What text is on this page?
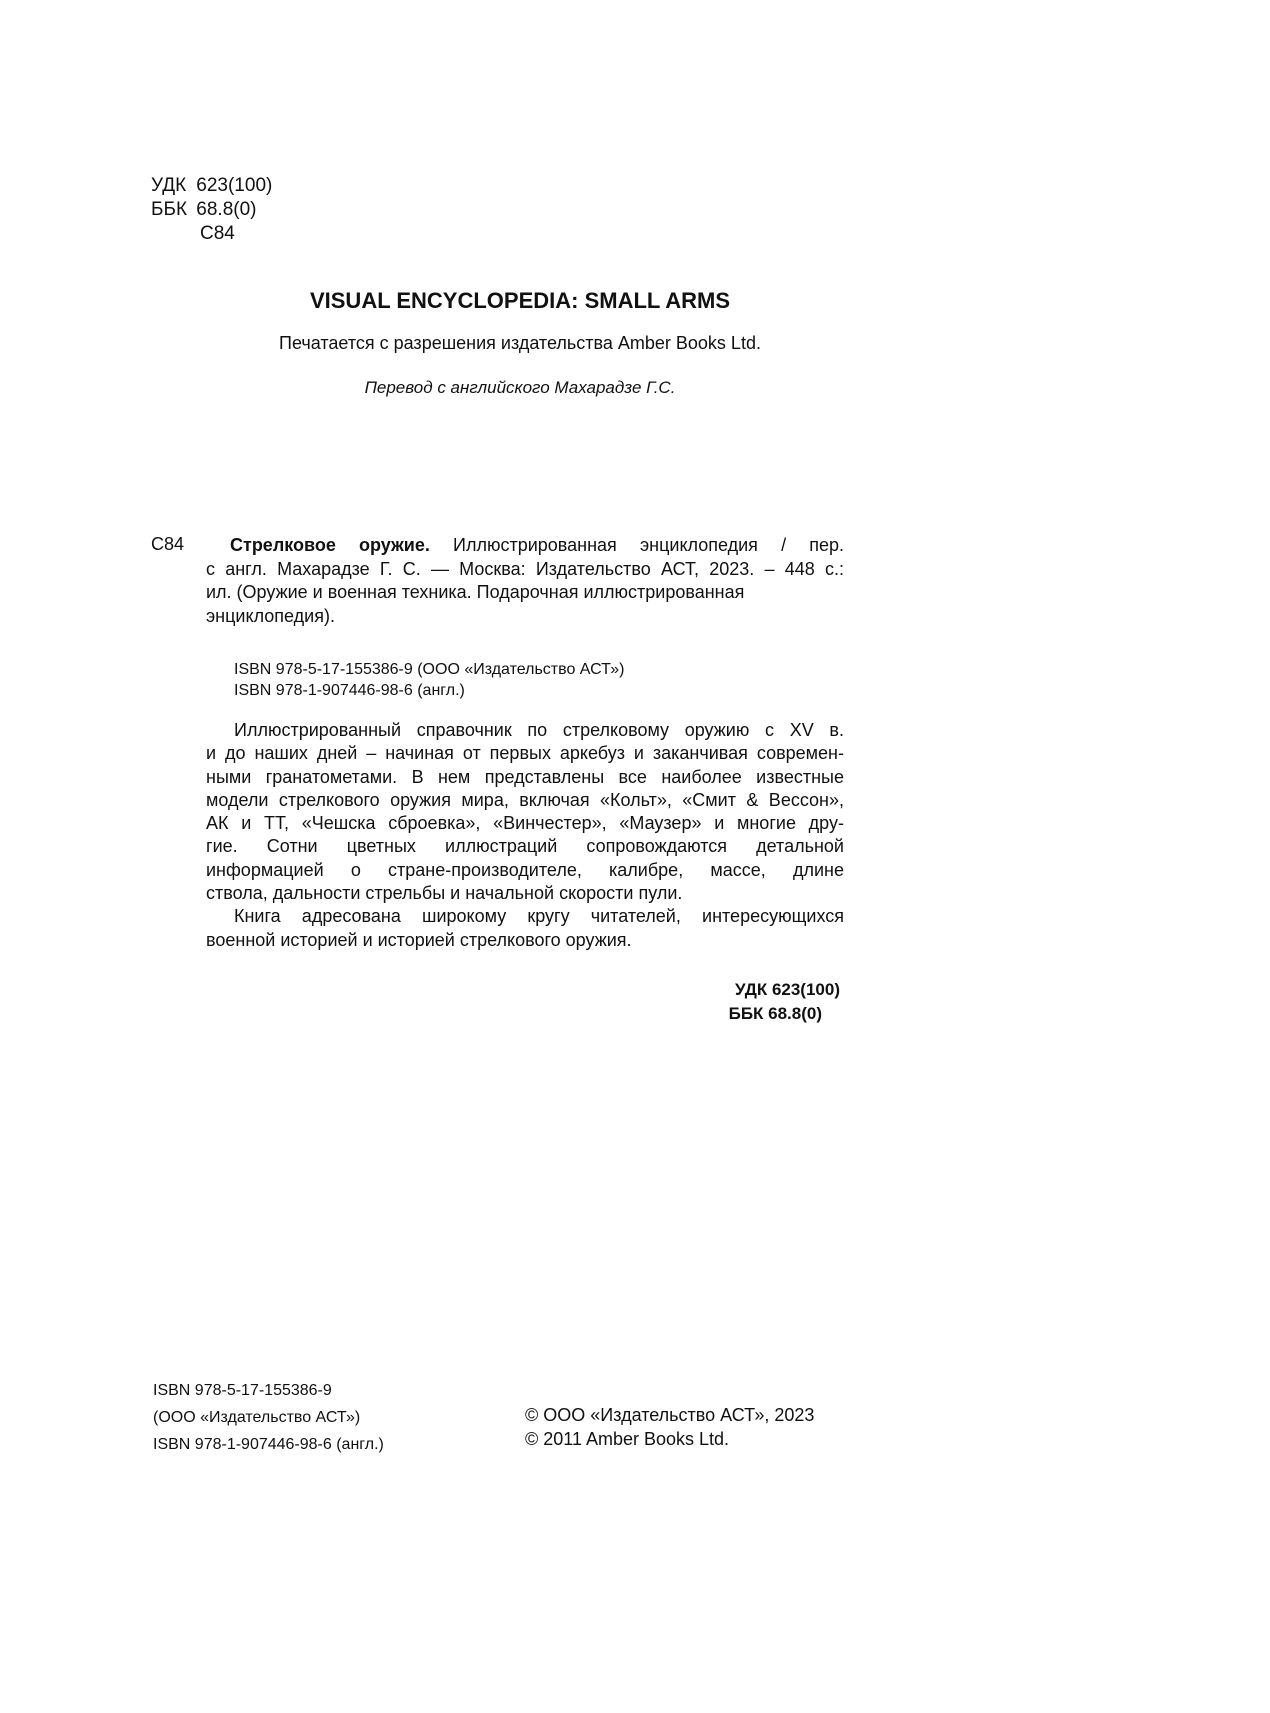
УДК 623(100)
ББК 68.8(0)
С84
VISUAL ENCYCLOPEDIA: SMALL ARMS
Печатается с разрешения издательства Amber Books Ltd.
Перевод с английского Махарадзе Г.С.
С84	Стрелковое оружие. Иллюстрированная энциклопедия / пер.
с англ. Махарадзе Г. С. — Москва: Издательство АСТ, 2023. – 448 с.:
ил. (Оружие и военная техника. Подарочная иллюстрированная
энциклопедия).
ISBN 978-5-17-155386-9 (ООО «Издательство АСТ»)
ISBN 978-1-907446-98-6 (англ.)
Иллюстрированный справочник по стрелковому оружию с XV в.
и до наших дней – начиная от первых аркебуз и заканчивая современ-
ными гранатометами. В нем представлены все наиболее известные
модели стрелкового оружия мира, включая «Кольт», «Смит & Вессон»,
АК и ТТ, «Чешска сброевка», «Винчестер», «Маузер» и многие дру-
гие. Сотни цветных иллюстраций сопровождаются детальной
информацией о стране-производителе, калибре, массе, длине
ствола, дальности стрельбы и начальной скорости пули.
Книга адресована широкому кругу читателей, интересующихся
военной историей и историей стрелкового оружия.
УДК 623(100)
ББК 68.8(0)
ISBN 978-5-17-155386-9
(ООО «Издательство АСТ»)
ISBN 978-1-907446-98-6 (англ.)
© ООО «Издательство АСТ», 2023
© 2011 Amber Books Ltd.
